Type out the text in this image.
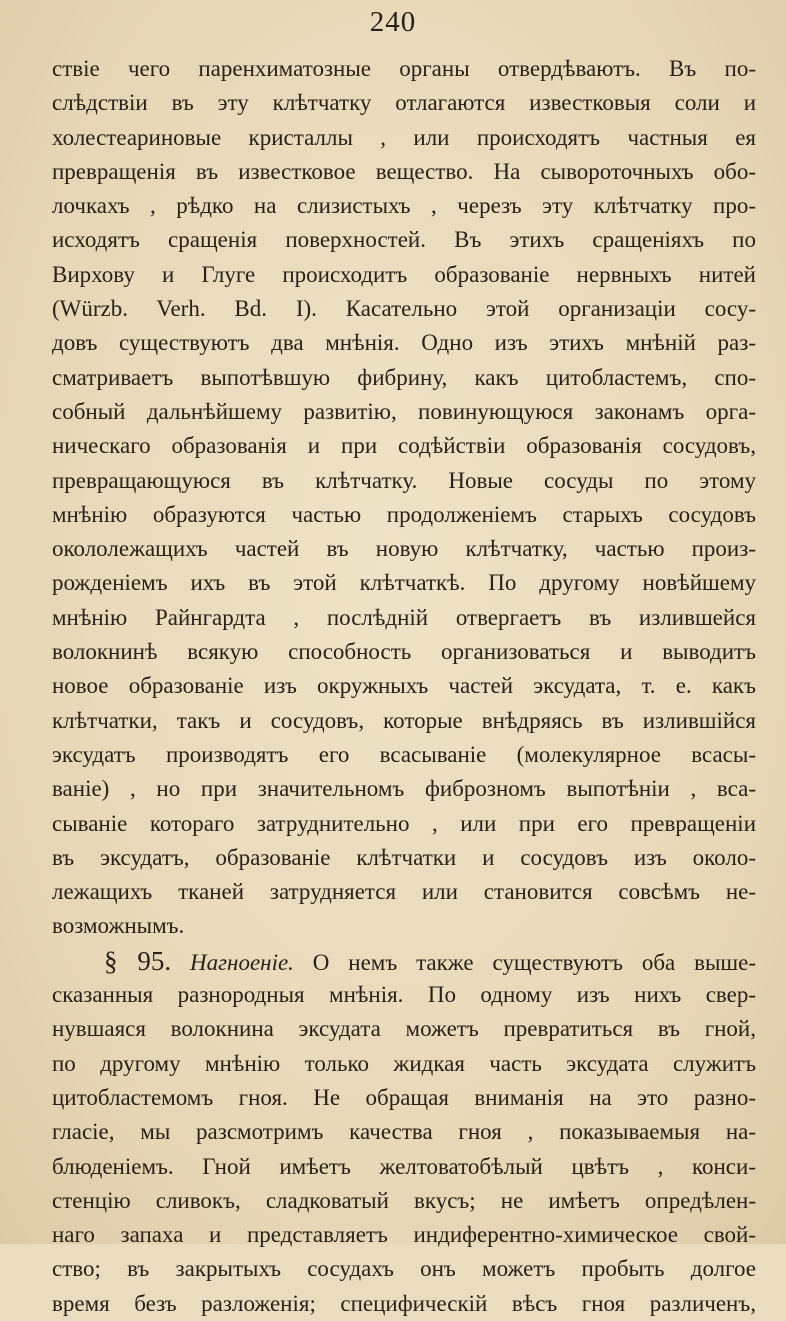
240
ствіе чего паренхиматозные органы отвердѣваютъ. Въ по-
слѣдствіи въ эту клѣтчатку отлагаются известковыя соли и
холестеариновые кристаллы , или происходятъ частныя ея
превращенія въ известковое вещество. На сывороточныхъ обо-
лочкахъ , рѣдко на слизистыхъ , черезъ эту клѣтчатку про-
исходятъ сращенія поверхностей. Въ этихъ сращеніяхъ по
Вирхову и Глуге происходитъ образованіе нервныхъ нитей
(Würzb. Verh. Bd. I). Касательно этой организаціи сосу-
довъ существуютъ два мнѣнія. Одно изъ этихъ мнѣній раз-
сматриваетъ выпотѣвшую фибрину, какъ цитобластемъ, спо-
собный дальнѣйшему развитію, повинующуюся законамъ орга-
ническаго образованія и при содѣйствіи образованія сосудовъ,
превращающуюся въ клѣтчатку. Новые сосуды по этому
мнѣнію образуются частью продолженіемъ старыхъ сосудовъ
окололежащихъ частей въ новую клѣтчатку, частью произ-
рожденіемъ ихъ въ этой клѣтчаткѣ. По другому новѣйшему
мнѣнію Райнгардта , послѣдній отвергаетъ въ излившейся
волокнинѣ всякую способность организоваться и выводитъ
новое образованіе изъ окружныхъ частей эксудата, т. е. какъ
клѣтчатки, такъ и сосудовъ, которые внѣдряясь въ излившійся
эксудатъ производятъ его всасываніе (молекулярное всасы-
ваніе) , но при значительномъ фиброзномъ выпотѣніи , вса-
сываніе котораго затруднительно , или при его превращеніи
въ эксудатъ, образованіе клѣтчатки и сосудовъ изъ около-
лежащихъ тканей затрудняется или становится совсѣмъ не-
возможнымъ.
§ 95. Нагноеніе. О немъ также существуютъ оба выше-
сказанныя разнородныя мнѣнія. По одному изъ нихъ свер-
нувшаяся волокнина эксудата можетъ превратиться въ гной,
по другому мнѣнію только жидкая часть эксудата служитъ
цитобластемомъ гноя. Не обращая вниманія на это разно-
гласіе, мы разсмотримъ качества гноя , показываемыя на-
блюденіемъ. Гной имѣетъ желтоватобѣлый цвѣтъ , конси-
стенцію сливокъ, сладковатый вкусъ; не имѣетъ опредѣлен-
наго запаха и представляетъ индиферентно-химическое свой-
ство; въ закрытыхъ сосудахъ онъ можетъ пробыть долгое
время безъ разложенія; специфическій вѣсъ гноя различенъ,
